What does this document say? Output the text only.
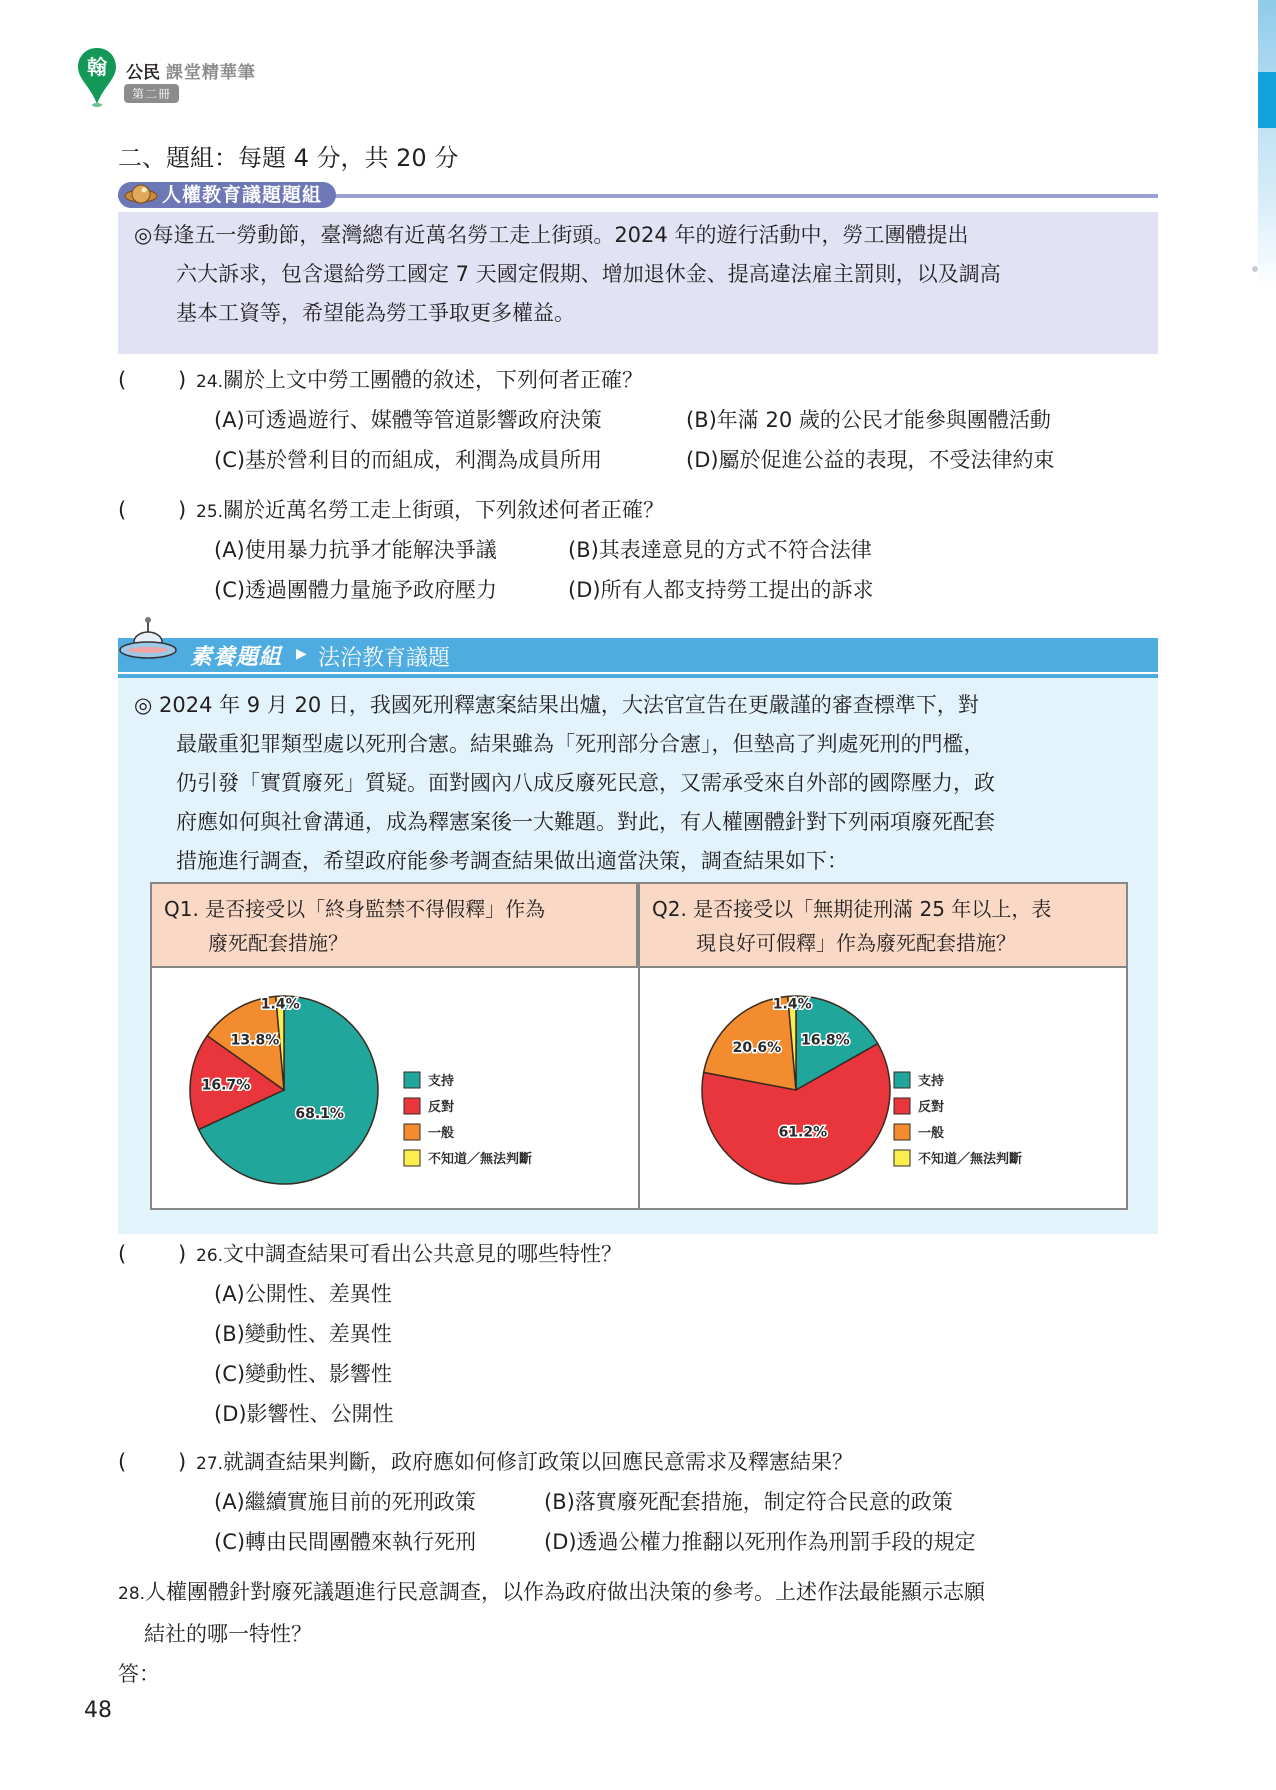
翰 公民 課堂精華筆
第二冊
二、題組：每題 4 分，共 20 分
人權教育議題題組
◎每逢五一勞動節，臺灣總有近萬名勞工走上街頭。2024 年的遊行活動中，勞工團體提出
六大訴求，包含還給勞工國定 7 天國定假期、增加退休金、提高違法雇主罰則，以及調高
基本工資等，希望能為勞工爭取更多權益。
( ) 24.關於上文中勞工團體的敘述，下列何者正確？
(A)可透過遊行、媒體等管道影響政府決策	(B)年滿 20 歲的公民才能參與團體活動
(C)基於營利目的而組成，利潤為成員所用	(D)屬於促進公益的表現，不受法律約束
( ) 25.關於近萬名勞工走上街頭，下列敘述何者正確？
(A)使用暴力抗爭才能解決爭議	(B)其表達意見的方式不符合法律
(C)透過團體力量施予政府壓力	(D)所有人都支持勞工提出的訴求
素養題組 ▶ 法治教育議題
◎ 2024 年 9 月 20 日，我國死刑釋憲案結果出爐，大法官宣告在更嚴謹的審查標準下，對
最嚴重犯罪類型處以死刑合憲。結果雖為「死刑部分合憲」，但墊高了判處死刑的門檻，
仍引發「實質廢死」質疑。面對國內八成反廢死民意，又需承受來自外部的國際壓力，政
府應如何與社會溝通，成為釋憲案後一大難題。對此，有人權團體針對下列兩項廢死配套
措施進行調查，希望政府能參考調查結果做出適當決策，調查結果如下：
Q1. 是否接受以「終身監禁不得假釋」作為
廢死配套措施？
Q2. 是否接受以「無期徒刑滿 25 年以上，表
現良好可假釋」作為廢死配套措施？
68.1%
16.7%
13.8%
1.4%
支持
反對
一般
不知道／無法判斷
16.8%
61.2%
20.6%
1.4%
支持
反對
一般
不知道／無法判斷
( ) 26.文中調查結果可看出公共意見的哪些特性？
(A)公開性、差異性
(B)變動性、差異性
(C)變動性、影響性
(D)影響性、公開性
( ) 27.就調查結果判斷，政府應如何修訂政策以回應民意需求及釋憲結果？
(A)繼續實施目前的死刑政策	(B)落實廢死配套措施，制定符合民意的政策
(C)轉由民間團體來執行死刑	(D)透過公權力推翻以死刑作為刑罰手段的規定
28.人權團體針對廢死議題進行民意調查，以作為政府做出決策的參考。上述作法最能顯示志願
結社的哪一特性？
答：
48
